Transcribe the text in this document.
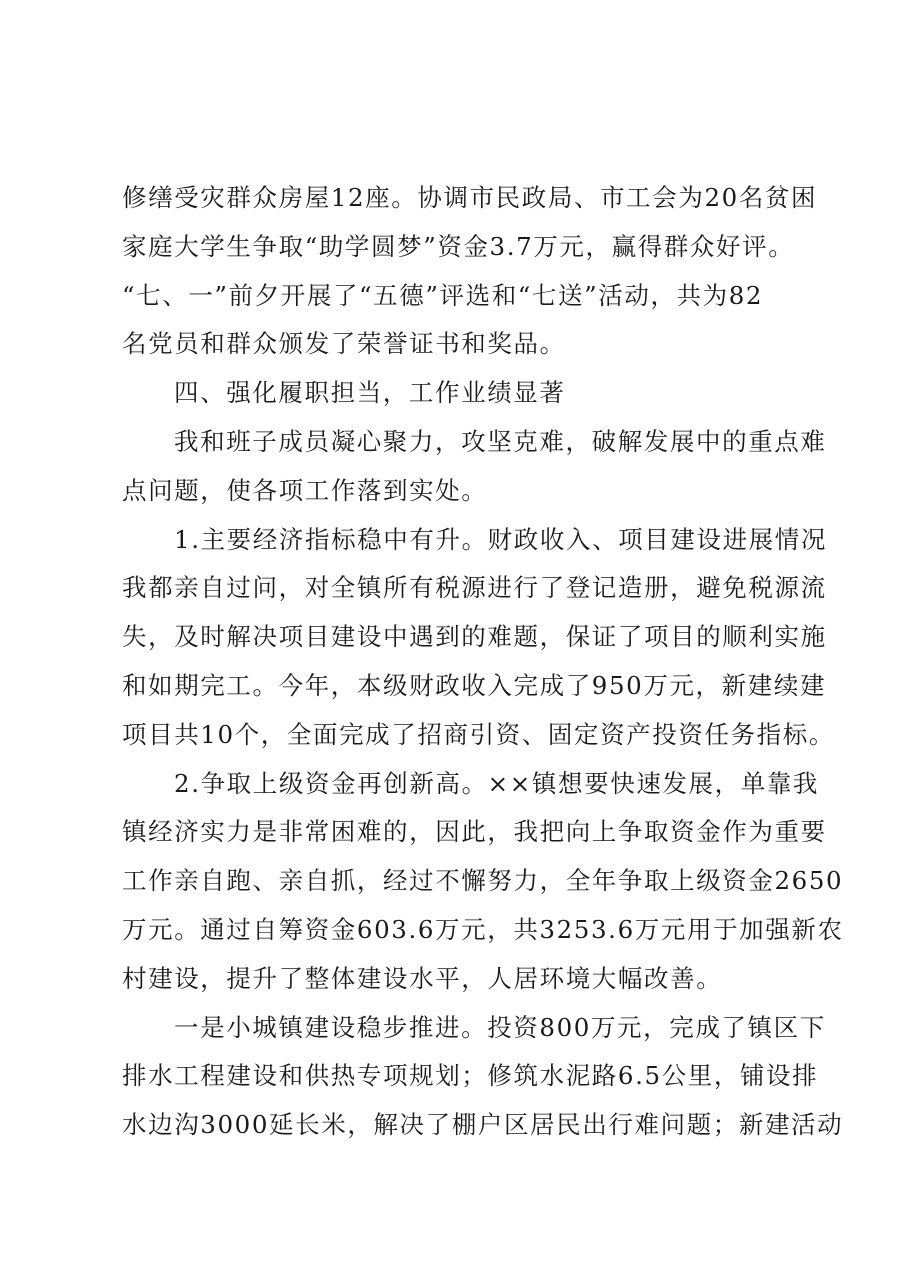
修缮受灾群众房屋12座。协调市民政局、市工会为20名贫困

家庭大学生争取“助学圆梦”资金3.7万元，赢得群众好评。

“七、一”前夕开展了“五德”评选和“七送”活动，共为82

名党员和群众颁发了荣誉证书和奖品。

四、强化履职担当，工作业绩显著

我和班子成员凝心聚力，攻坚克难，破解发展中的重点难

点问题，使各项工作落到实处。

1.主要经济指标稳中有升。财政收入、项目建设进展情况

我都亲自过问，对全镇所有税源进行了登记造册，避免税源流

失，及时解决项目建设中遇到的难题，保证了项目的顺利实施

和如期完工。今年，本级财政收入完成了950万元，新建续建

项目共10个，全面完成了招商引资、固定资产投资任务指标。

2.争取上级资金再创新高。××镇想要快速发展，单靠我

镇经济实力是非常困难的，因此，我把向上争取资金作为重要

工作亲自跑、亲自抓，经过不懈努力，全年争取上级资金2650

万元。通过自筹资金603.6万元，共3253.6万元用于加强新农

村建设，提升了整体建设水平，人居环境大幅改善。

一是小城镇建设稳步推进。投资800万元，完成了镇区下

排水工程建设和供热专项规划；修筑水泥路6.5公里，铺设排

水边沟3000延长米，解决了棚户区居民出行难问题；新建活动
